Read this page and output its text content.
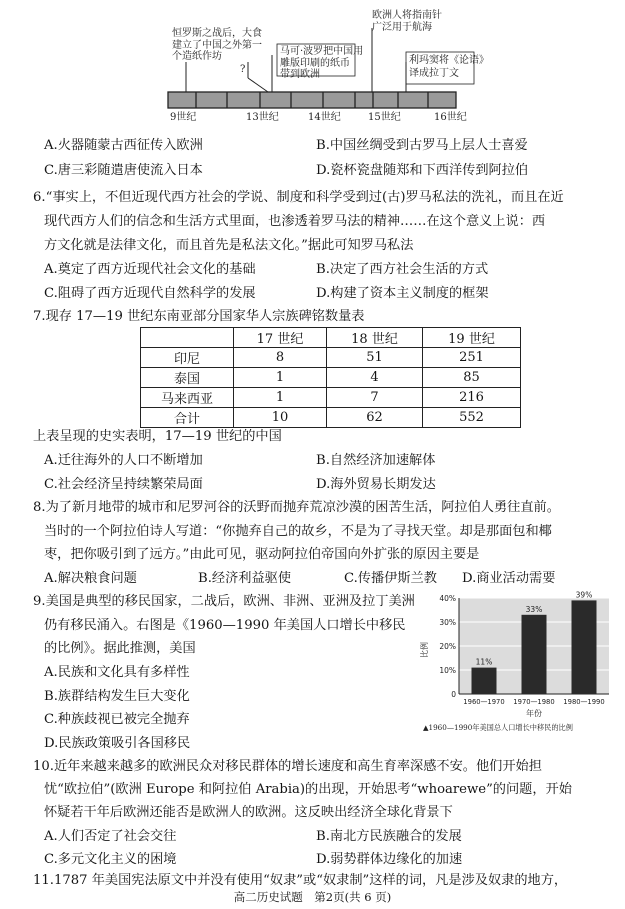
恒罗斯之战后，大食
建立了中国之外第一个造纸作坊	马可·波罗把中国用
雕版印刷的纸币带到欧洲
欧洲人将指南针
广泛用于航海
利玛窦将《论语》
译成拉丁文
?
9世纪	13世纪	14世纪	15世纪	16世纪
A.火器随蒙古西征传入欧洲	B.中国丝绸受到古罗马上层人士喜爱
C.唐三彩随遣唐使流入日本	D.瓷杯瓷盘随郑和下西洋传到阿拉伯
6.“事实上，不但近现代西方社会的学说、制度和科学受到过(古)罗马私法的洗礼，而且在近
现代西方人们的信念和生活方式里面，也渗透着罗马法的精神……在这个意义上说：西
方文化就是法律文化，而且首先是私法文化。”据此可知罗马私法
A.奠定了西方近现代社会文化的基础	B.决定了西方社会生活的方式
C.阻碍了西方近现代自然科学的发展	D.构建了资本主义制度的框架
7.现存 17—19 世纪东南亚部分国家华人宗族碑铭数量表
	17 世纪	18 世纪	19 世纪
印尼	8	51	251
泰国	1	4	85
马来西亚	1	7	216
合计	10	62	552
上表呈现的史实表明，17—19 世纪的中国
A.迁往海外的人口不断增加	B.自然经济加速解体
C.社会经济呈持续繁荣局面	D.海外贸易长期发达
8.为了新月地带的城市和尼罗河谷的沃野而抛弃荒凉沙漠的困苦生活，阿拉伯人勇往直前。
当时的一个阿拉伯诗人写道：“你抛弃自己的故乡，不是为了寻找天堂。却是那面包和椰
枣，把你吸引到了远方。”由此可见，驱动阿拉伯帝国向外扩张的原因主要是
A.解决粮食问题	B.经济利益驱使	C.传播伊斯兰教 D.商业活动需要
9.美国是典型的移民国家，二战后，欧洲、非洲、亚洲及拉丁美洲
仍有移民涌入。右图是《1960—1990 年美国人口增长中移民
的比例》。据此推测，美国
A.民族和文化具有多样性
B.族群结构发生巨大变化
C.种族歧视已被完全抛弃
D.民族政策吸引各国移民
0
10%
20%
30%
40%
11%
33%
39%
1960—1970 1970—1980 1980—1990
比例
年份
▲1960—1990年美国总人口增长中移民的比例
10.近年来越来越多的欧洲民众对移民群体的增长速度和高生育率深感不安。他们开始担
忧“欧拉伯”(欧洲 Europe 和阿拉伯 Arabia)的出现，开始思考“whoarewe”的问题，开始
怀疑若干年后欧洲还能否是欧洲人的欧洲。这反映出经济全球化背景下
A.人们否定了社会交往	B.南北方民族融合的发展
C.多元文化主义的困境	D.弱势群体边缘化的加速
11.1787 年美国宪法原文中并没有使用“奴隶”或“奴隶制”这样的词，凡是涉及奴隶的地方，
高二历史试题　第2页(共 6 页)
